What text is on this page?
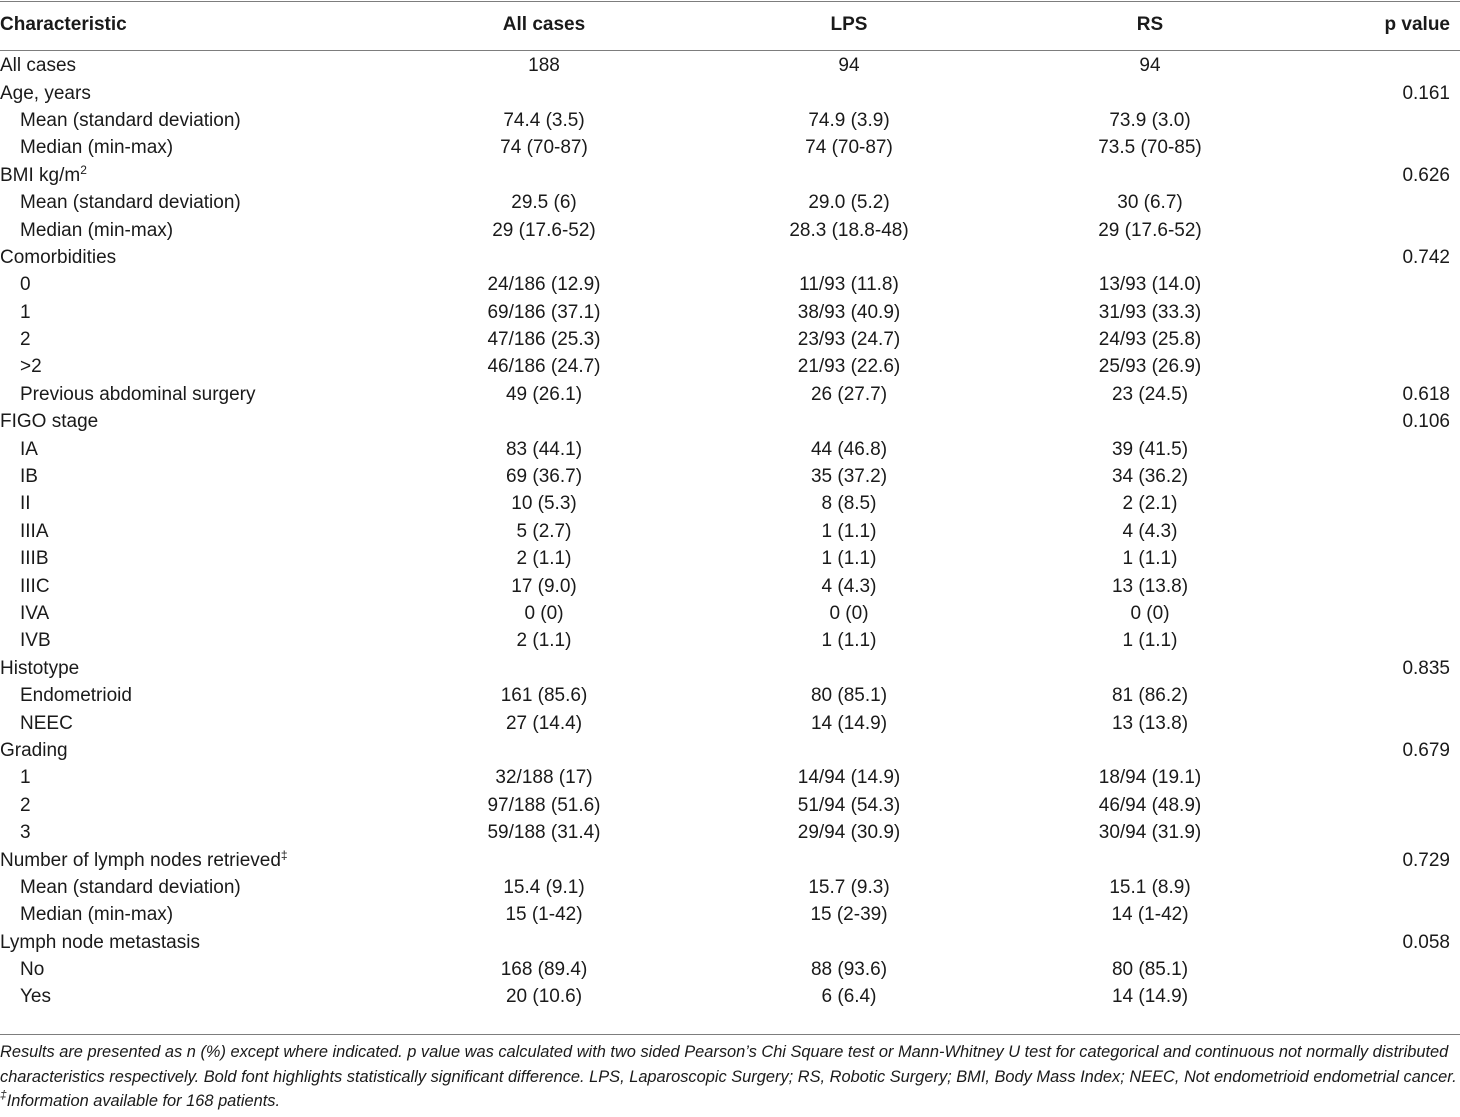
Characteristic	All cases	LPS	RS	p value
All cases	188	94	94	
Age, years				0.161
Mean (standard deviation)	74.4 (3.5)	74.9 (3.9)	73.9 (3.0)	
Median (min-max)	74 (70-87)	74 (70-87)	73.5 (70-85)	
BMI $kg/m^2$				0.626
Mean (standard deviation)	29.5 (6)	29.0 (5.2)	30 (6.7)	
Median (min-max)	29 (17.6-52)	28.3 (18.8-48)	29 (17.6-52)	
Comorbidities				0.742
0	24/186 (12.9)	11/93 (11.8)	13/93 (14.0)	
1	69/186 (37.1)	38/93 (40.9)	31/93 (33.3)	
2	47/186 (25.3)	23/93 (24.7)	24/93 (25.8)	
>2	46/186 (24.7)	21/93 (22.6)	25/93 (26.9)	
Previous abdominal surgery	49 (26.1)	26 (27.7)	23 (24.5)	0.618
FIGO stage				0.106
IA	83 (44.1)	44 (46.8)	39 (41.5)	
IB	69 (36.7)	35 (37.2)	34 (36.2)	
II	10 (5.3)	8 (8.5)	2 (2.1)	
IIIA	5 (2.7)	1 (1.1)	4 (4.3)	
IIIB	2 (1.1)	1 (1.1)	1 (1.1)	
IIIC	17 (9.0)	4 (4.3)	13 (13.8)	
IVA	0 (0)	0 (0)	0 (0)	
IVB	2 (1.1)	1 (1.1)	1 (1.1)	
Histotype				0.835
Endometrioid	161 (85.6)	80 (85.1)	81 (86.2)	
NEEC	27 (14.4)	14 (14.9)	13 (13.8)	
Grading				0.679
1	32/188 (17)	14/94 (14.9)	18/94 (19.1)	
2	97/188 (51.6)	51/94 (54.3)	46/94 (48.9)	
3	59/188 (31.4)	29/94 (30.9)	30/94 (31.9)	
Number of lymph nodes retrieved‡				0.729
Mean (standard deviation)	15.4 (9.1)	15.7 (9.3)	15.1 (8.9)	
Median (min-max)	15 (1-42)	15 (2-39)	14 (1-42)	
Lymph node metastasis				0.058
No	168 (89.4)	88 (93.6)	80 (85.1)	
Yes	20 (10.6)	6 (6.4)	14 (14.9)	
Results are presented as n (%) except where indicated. p value was calculated with two sided Pearson’s Chi Square test or Mann-Whitney U test for categorical and continuous not normally distributed characteristics respectively. Bold font highlights statistically significant difference. LPS, Laparoscopic Surgery; RS, Robotic Surgery; BMI, Body Mass Index; NEEC, Not endometrioid endometrial cancer. ‡Information available for 168 patients.
